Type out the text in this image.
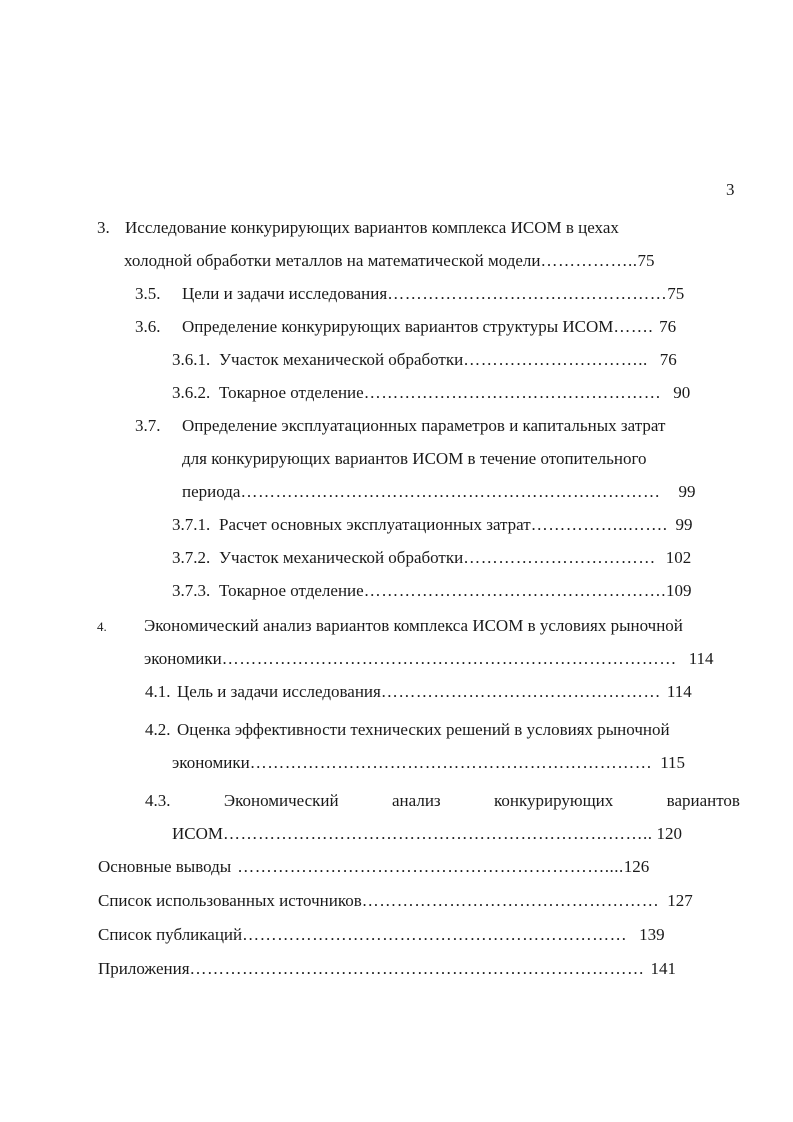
3
3. Исследование конкурирующих вариантов комплекса ИСОМ в цехах
холодной обработки металлов на математической модели……………..75
3.5. Цели и задачи исследования…………………………………………75
3.6. Определение конкурирующих вариантов структуры ИСОМ……. 76
3.6.1. Участок механической обработки………………………….. 76
3.6.2. Токарное отделение…………………………………………… 90
3.7. Определение эксплуатационных параметров и капитальных затрат
для конкурирующих вариантов ИСОМ в течение отопительного
периода……………………………………………………………… 99
3.7.1. Расчет основных эксплуатационных затрат……………..……. 99
3.7.2. Участок механической обработки…………………………… 102
3.7.3. Токарное отделение…………………………………………….109
4. Экономический анализ вариантов комплекса ИСОМ в условиях рыночной
экономики…………………………………………………………………… 114
4.1. Цель и задачи исследования………………………………………… 114
4.2. Оценка эффективности технических решений в условиях рыночной
экономики…………………………………………………………… 115
4.3.	Экономический	анализ	конкурирующих	вариантов
ИСОМ……………………………………………………………….. 120
Основные выводы ………………………………………………………....126
Список использованных источников…………………………………………… 127
Список публикаций………………………………………………………… 139
Приложения…………………………………………………………………… 141
